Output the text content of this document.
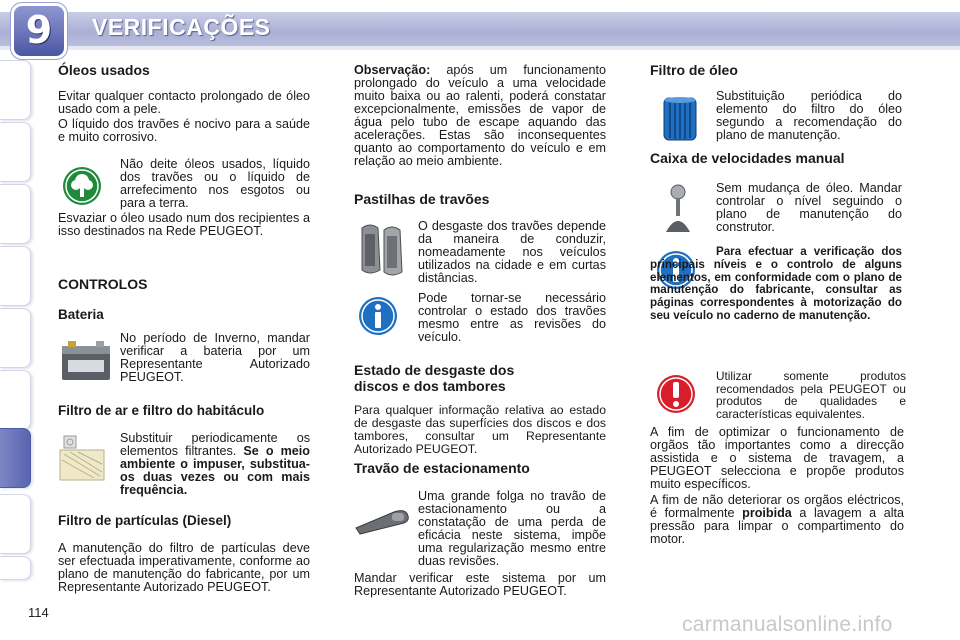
9	VERIFICAÇÕES
Óleos usados
Evitar qualquer contacto prolongado de óleo usado com a pele.
O líquido dos travões é nocivo para a saúde e muito corrosivo.
Não deite óleos usados, líquido dos travões ou o líquido de arrefecimento nos esgotos ou para a terra.
Esvaziar o óleo usado num dos recipientes a isso destinados na Rede PEUGEOT.
CONTROLOS
Bateria
No período de Inverno, mandar verificar a bateria por um Representante Autorizado PEUGEOT.
Filtro de ar e filtro do habitáculo
Substituir periodicamente os elementos filtrantes. Se o meio ambiente o impuser, substitua-os duas vezes ou com mais frequência.
Filtro de partículas (Diesel)
A manutenção do filtro de partículas deve ser efectuada imperativamente, conforme ao plano de manutenção do fabricante, por um Representante Autorizado PEUGEOT.
Observação: após um funcionamento prolongado do veículo a uma velocidade muito baixa ou ao ralenti, poderá constatar excepcionalmente, emissões de vapor de água pelo tubo de escape aquando das acelerações. Estas são inconsequentes quanto ao comportamento do veículo e em relação ao meio ambiente.
Pastilhas de travões
O desgaste dos travões depende da maneira de conduzir, nomeadamente nos veículos utilizados na cidade e em curtas distâncias.
Pode tornar-se necessário controlar o estado dos travões mesmo entre as revisões do veículo.
Estado de desgaste dos
discos e dos tambores
Para qualquer informação relativa ao estado de desgaste das superfícies dos discos e dos tambores, consultar um Representante Autorizado PEUGEOT.
Travão de estacionamento
Uma grande folga no travão de estacionamento ou a constatação de uma perda de eficácia neste sistema, impõe uma regularização mesmo entre duas revisões.
Mandar verificar este sistema por um Representante Autorizado PEUGEOT.
Filtro de óleo
Substituição periódica do elemento do filtro do óleo segundo a recomendação do plano de manutenção.
Caixa de velocidades manual
Sem mudança de óleo. Mandar controlar o nível seguindo o plano de manutenção do construtor.
Para efectuar a verificação dos principais níveis e o controlo de alguns elementos, em conformidade com o plano de manutenção do fabricante, consultar as páginas correspondentes à motorização do seu veículo no caderno de manutenção.
Utilizar somente produtos recomendados pela PEUGEOT ou produtos de qualidades e características equivalentes.
A fim de optimizar o funcionamento de orgãos tão importantes como a direcção assistida e o sistema de travagem, a PEUGEOT selecciona e propõe produtos muito específicos.
A fim de não deteriorar os orgãos eléctricos, é formalmente proibida a lavagem a alta pressão para limpar o compartimento do motor.
114
carmanualsonline.info
